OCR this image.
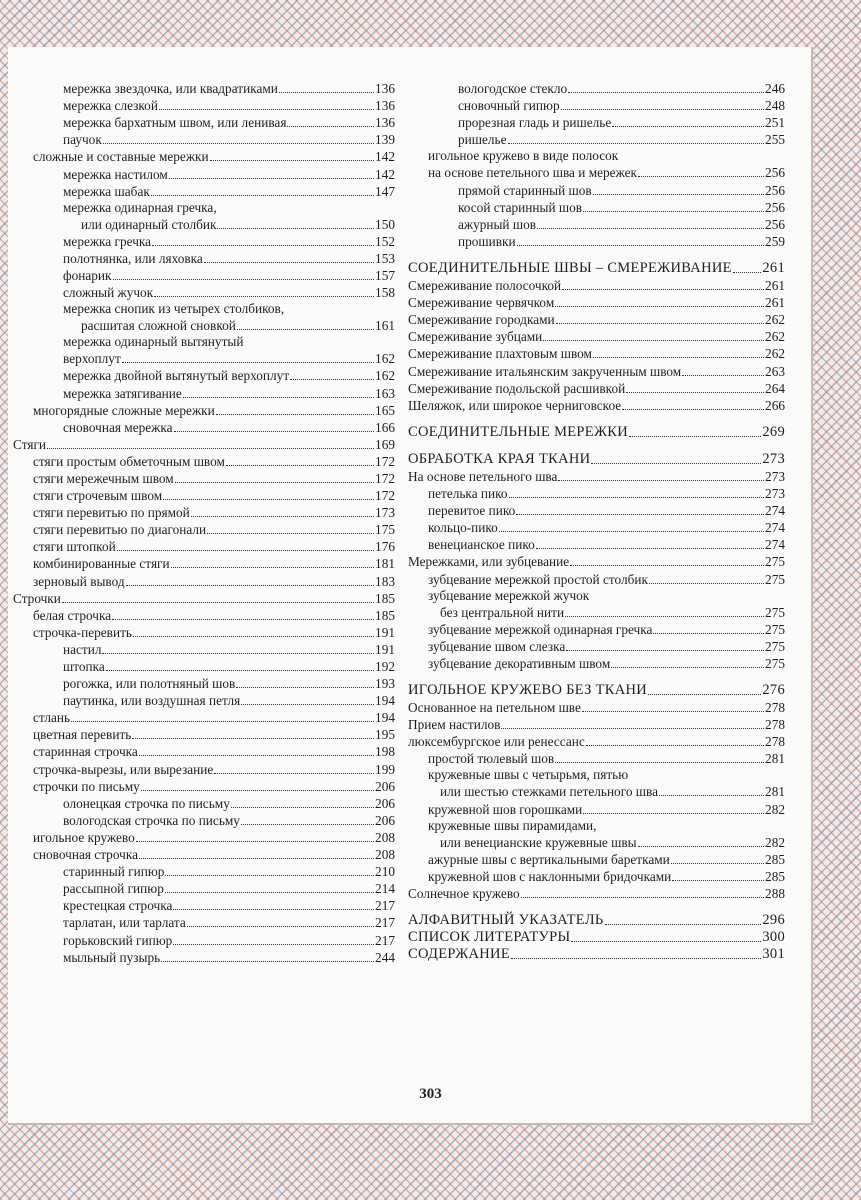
мережка звездочка, или квадратиками	136
мережка слезкой	136
мережка бархатным швом, или ленивая	136
паучок	139
сложные и составные мережки	142
мережка настилом	142
мережка шабак	147
мережка одинарная гречка,
или одинарный столбик	150
мережка гречка	152
полотнянка, или ляховка	153
фонарик	157
сложный жучок	158
мережка снопик из четырех столбиков,
расшитая сложной сновкой	161
мережка одинарный вытянутый
верхоплут	162
мережка двойной вытянутый верхоплут	162
мережка затягивание	163
многорядные сложные мережки	165
сновочная мережка	166
Стяги	169
стяги простым обметочным швом	172
стяги мережечным швом	172
стяги строчевым швом	172
стяги перевитью по прямой	173
стяги перевитью по диагонали	175
стяги штопкой	176
комбинированные стяги	181
зерновый вывод	183
Строчки	185
белая строчка	185
строчка-перевить	191
настил	191
штопка	192
рогожка, или полотняный шов	193
паутинка, или воздушная петля	194
стлань	194
цветная перевить	195
старинная строчка	198
строчка-вырезы, или вырезание	199
строчки по письму	206
олонецкая строчка по письму	206
вологодская строчка по письму	206
игольное кружево	208
сновочная строчка	208
старинный гипюр	210
рассыпной гипюр	214
крестецкая строчка	217
тарлатан, или тарлата	217
горьковский гипюр	217
мыльный пузырь	244
вологодское стекло	246
сновочный гипюр	248
прорезная гладь и ришелье	251
ришелье	255
игольное кружево в виде полосок
на основе петельного шва и мережек	256
прямой старинный шов	256
косой старинный шов	256
ажурный шов	256
прошивки	259
СОЕДИНИТЕЛЬНЫЕ ШВЫ – СМЕРЕЖИВАНИЕ 261
Смереживание полосочкой	261
Смереживание червячком	261
Смереживание городками	262
Смереживание зубцами	262
Смереживание плахтовым швом	262
Смереживание итальянским закрученным швом	263
Смереживание подольской расшивкой	264
Шеляжок, или широкое черниговское	266
СОЕДИНИТЕЛЬНЫЕ МЕРЕЖКИ	269
ОБРАБОТКА КРАЯ ТКАНИ	273
На основе петельного шва	273
петелька пико	273
перевитое пико	274
кольцо-пико	274
венецианское пико	274
Мережками, или зубцевание	275
зубцевание мережкой простой столбик	275
зубцевание мережкой жучок
без центральной нити	275
зубцевание мережкой одинарная гречка	275
зубцевание швом слезка	275
зубцевание декоративным швом	275
ИГОЛЬНОЕ КРУЖЕВО БЕЗ ТКАНИ	276
Основанное на петельном шве	278
Прием настилов	278
люксембургское или ренессанс	278
простой тюлевый шов	281
кружевные швы с четырьмя, пятью
или шестью стежками петельного шва	281
кружевной шов горошками	282
кружевные швы пирамидами,
или венецианские кружевные швы	282
ажурные швы с вертикальными баретками	285
кружевной шов с наклонными бридочками	285
Солнечное кружево	288
АЛФАВИТНЫЙ УКАЗАТЕЛЬ	296
СПИСОК ЛИТЕРАТУРЫ	300
СОДЕРЖАНИЕ	301
303
